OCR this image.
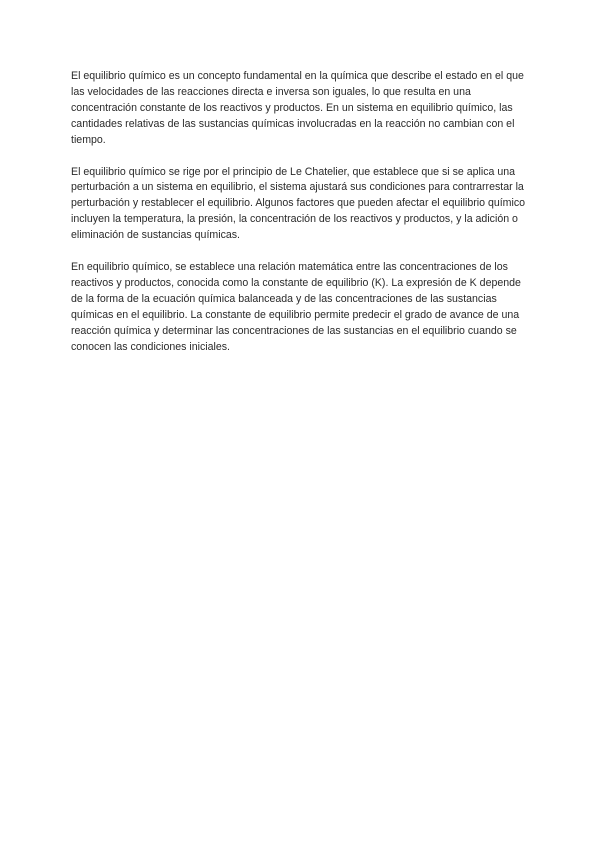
El equilibrio químico es un concepto fundamental en la química que describe el estado en el que las velocidades de las reacciones directa e inversa son iguales, lo que resulta en una concentración constante de los reactivos y productos. En un sistema en equilibrio químico, las cantidades relativas de las sustancias químicas involucradas en la reacción no cambian con el tiempo.

El equilibrio químico se rige por el principio de Le Chatelier, que establece que si se aplica una perturbación a un sistema en equilibrio, el sistema ajustará sus condiciones para contrarrestar la perturbación y restablecer el equilibrio. Algunos factores que pueden afectar el equilibrio químico incluyen la temperatura, la presión, la concentración de los reactivos y productos, y la adición o eliminación de sustancias químicas.

En equilibrio químico, se establece una relación matemática entre las concentraciones de los reactivos y productos, conocida como la constante de equilibrio (K). La expresión de K depende de la forma de la ecuación química balanceada y de las concentraciones de las sustancias químicas en el equilibrio. La constante de equilibrio permite predecir el grado de avance de una reacción química y determinar las concentraciones de las sustancias en el equilibrio cuando se conocen las condiciones iniciales.
